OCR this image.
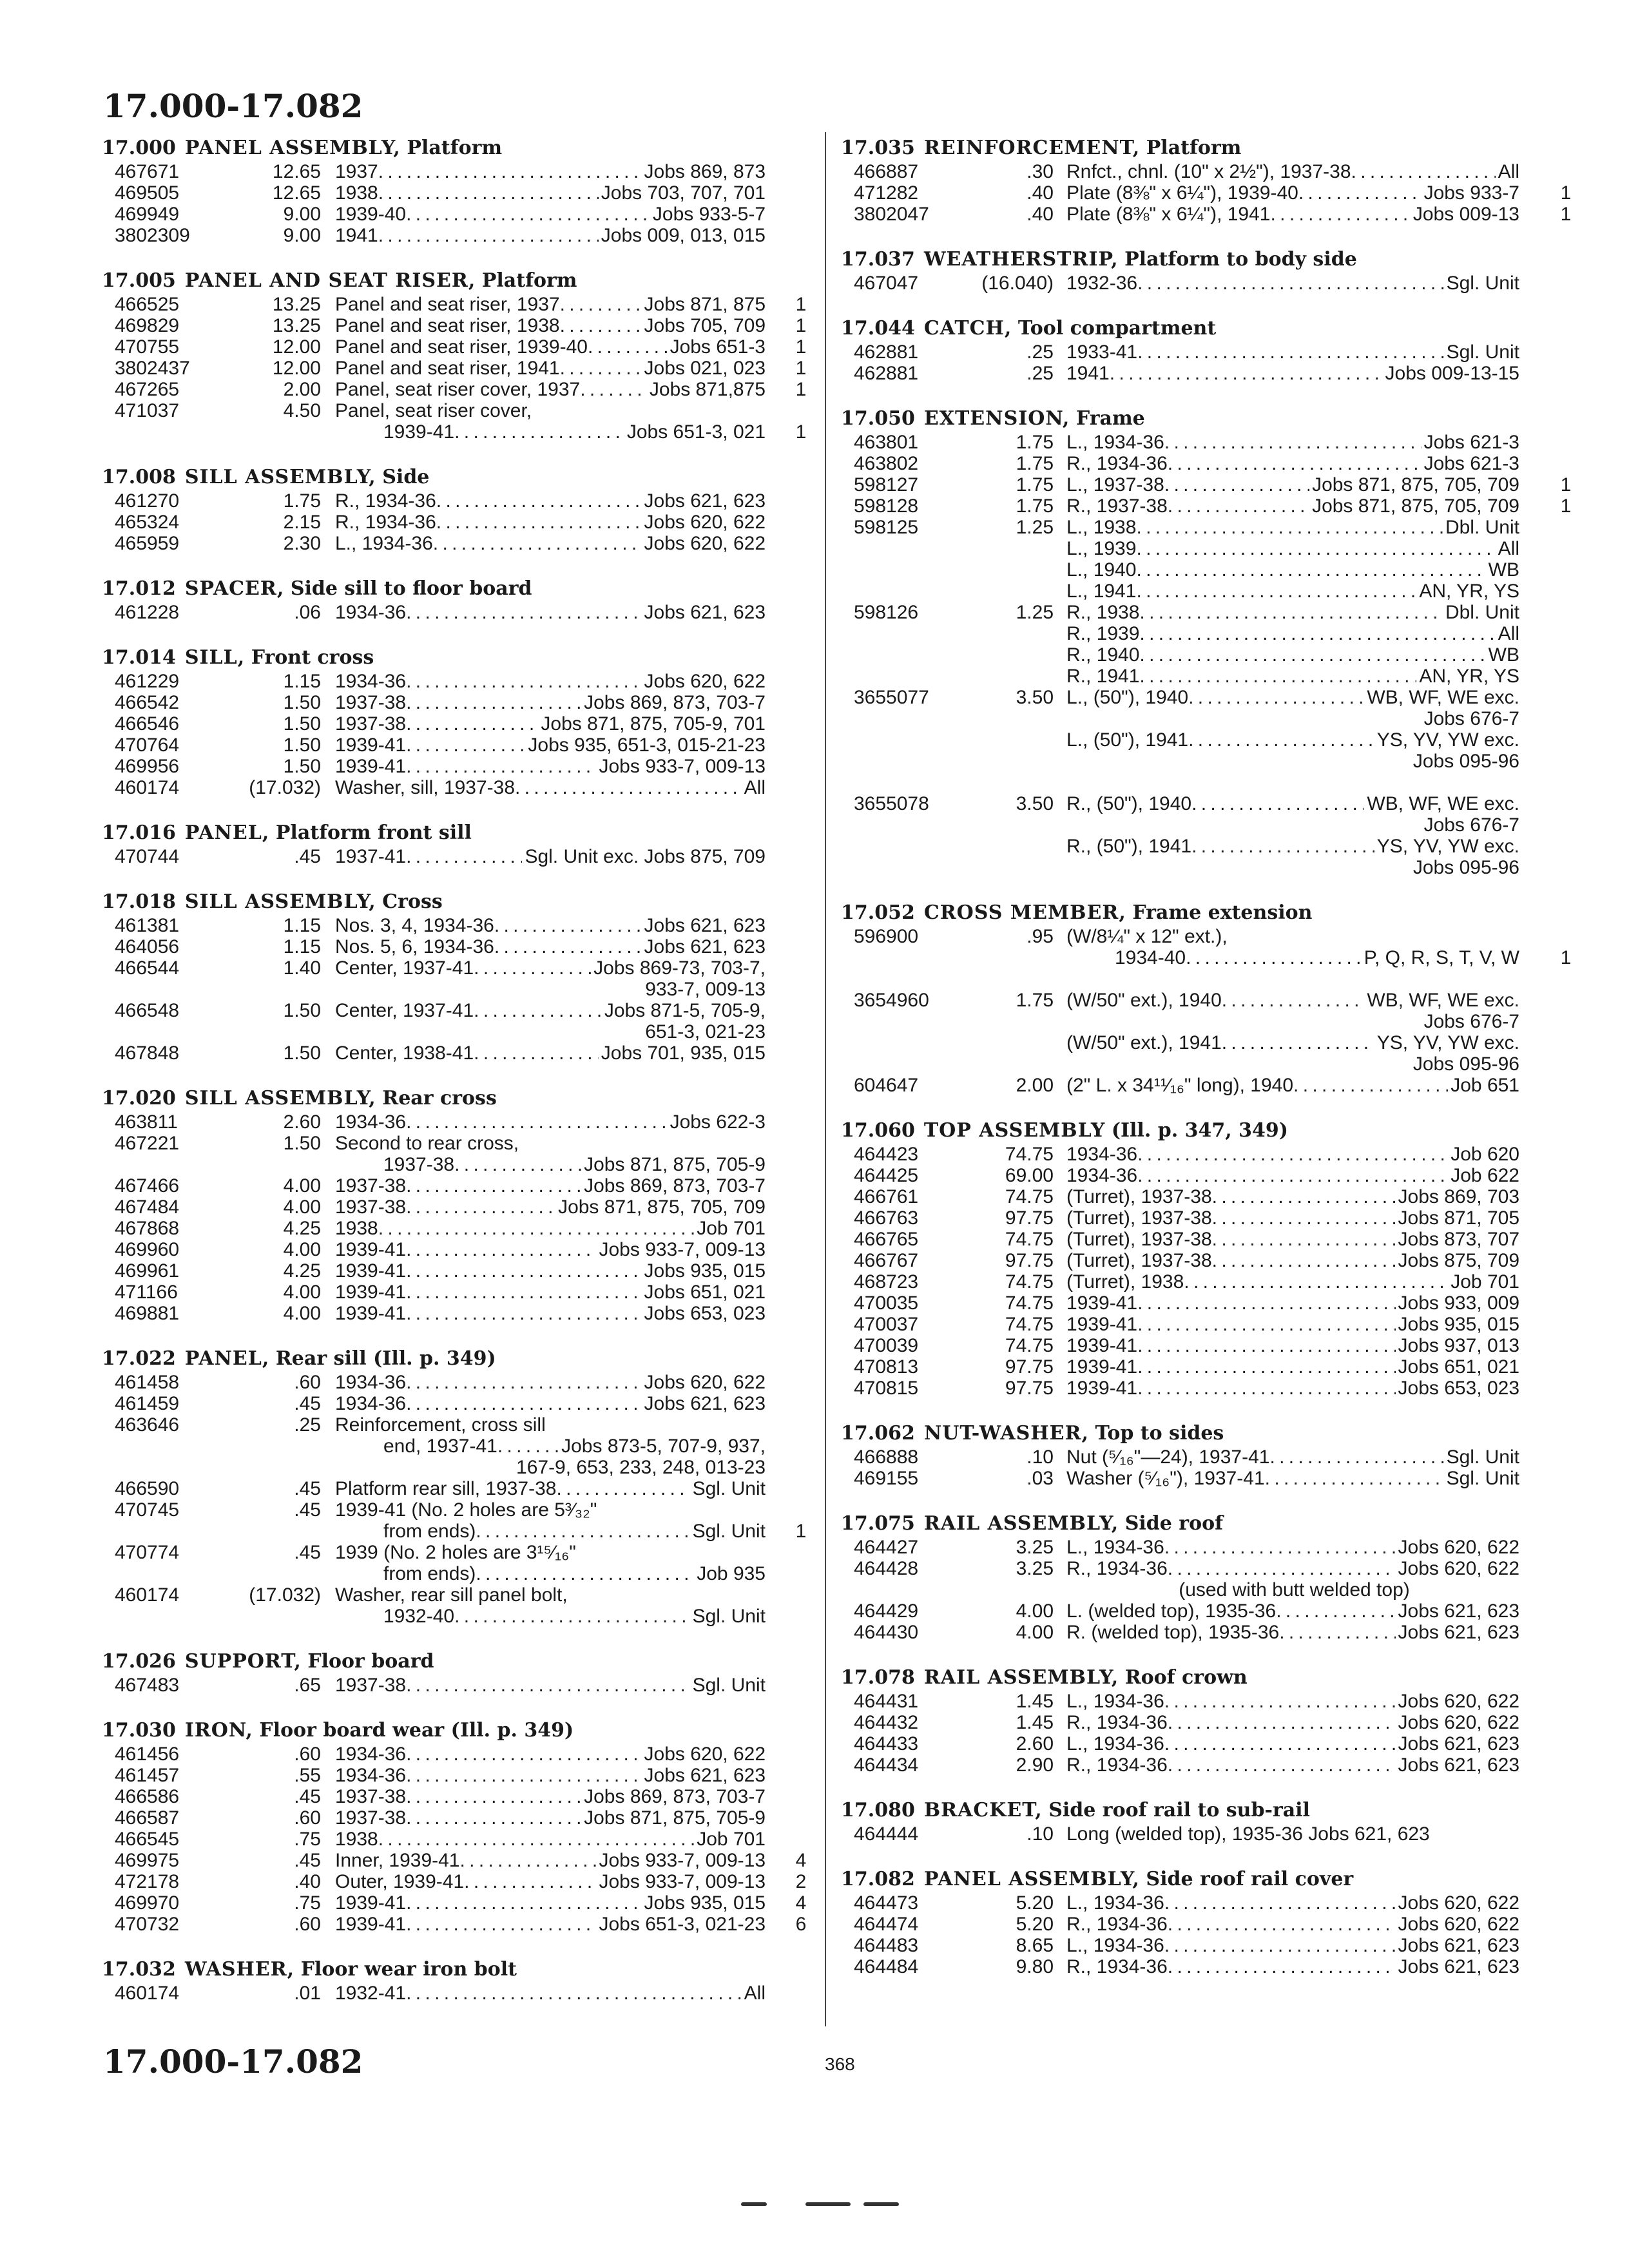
17.000-17.082
17.000 PANEL ASSEMBLY, Platform
467671	12.65 1937 . . .	Jobs 869, 873
469505	12.65 1938 . . .	Jobs 703, 707, 701
469949	9.00 1939-40 . . .	Jobs 933-5-7
3802309	9.00 1941 . . .	Jobs 009, 013, 015
17.005 PANEL AND SEAT RISER, Platform
466525	13.25 Panel and seat riser, 1937 . . .	Jobs 871, 875 1
469829	13.25 Panel and seat riser, 1938 . . .	Jobs 705, 709 1
470755	12.00 Panel and seat riser, 1939-40 . . .	Jobs 651-3 1
3802437	12.00 Panel and seat riser, 1941 . . .	Jobs 021, 023 1
467265	2.00 Panel, seat riser cover, 1937 . . .	Jobs 871,875 1
471037	4.50 Panel, seat riser cover,
1939-41 . . .	Jobs 651-3, 021 1
17.008 SILL ASSEMBLY, Side
461270	1.75 R., 1934-36 . . .	Jobs 621, 623
465324	2.15 R., 1934-36 . . .	Jobs 620, 622
465959	2.30 L., 1934-36 . . .	Jobs 620, 622
17.012 SPACER, Side sill to floor board
461228	.06 1934-36 . . .	Jobs 621, 623
17.014 SILL, Front cross
461229	1.15 1934-36 . . .	Jobs 620, 622
466542	1.50 1937-38 . . .	Jobs 869, 873, 703-7
466546	1.50 1937-38 . . .	Jobs 871, 875, 705-9, 701
470764	1.50 1939-41 . . .	Jobs 935, 651-3, 015-21-23
469956	1.50 1939-41 . . .	Jobs 933-7, 009-13
460174	(17.032) Washer, sill, 1937-38 . . .	All
17.016 PANEL, Platform front sill
470744	.45 1937-41 . . .	Sgl. Unit exc. Jobs 875, 709
17.018 SILL ASSEMBLY, Cross
461381	1.15 Nos. 3, 4, 1934-36 . . .	Jobs 621, 623
464056	1.15 Nos. 5, 6, 1934-36 . . .	Jobs 621, 623
466544	1.40 Center, 1937-41 . . .	Jobs 869-73, 703-7,
933-7, 009-13
466548	1.50 Center, 1937-41 . . .	Jobs 871-5, 705-9,
651-3, 021-23
467848	1.50 Center, 1938-41 . . .	Jobs 701, 935, 015
17.020 SILL ASSEMBLY, Rear cross
463811	2.60 1934-36 . . .	Jobs 622-3
467221	1.50 Second to rear cross,
1937-38 . . .	Jobs 871, 875, 705-9
467466	4.00 1937-38 . . .	Jobs 869, 873, 703-7
467484	4.00 1937-38 . . .	Jobs 871, 875, 705, 709
467868	4.25 1938 . . .	Job 701
469960	4.00 1939-41 . . .	Jobs 933-7, 009-13
469961	4.25 1939-41 . . .	Jobs 935, 015
471166	4.00 1939-41 . . .	Jobs 651, 021
469881	4.00 1939-41 . . .	Jobs 653, 023
17.022 PANEL, Rear sill (Ill. p. 349)
461458	.60 1934-36 . . .	Jobs 620, 622
461459	.45 1934-36 . . .	Jobs 621, 623
463646	.25 Reinforcement, cross sill
end, 1937-41 . . .	Jobs 873-5, 707-9, 937,
167-9, 653, 233, 248, 013-23
466590	.45 Platform rear sill, 1937-38 . . .	Sgl. Unit
470745	.45 1939-41 (No. 2 holes are 5³⁄₃₂"
from ends) . . .	Sgl. Unit 1
470774	.45 1939 (No. 2 holes are 3¹⁵⁄₁₆"
from ends) . . .	Job 935
460174	(17.032) Washer, rear sill panel bolt,
1932-40 . . .	Sgl. Unit
17.026 SUPPORT, Floor board
467483	.65 1937-38 . . .	Sgl. Unit
17.030 IRON, Floor board wear (Ill. p. 349)
461456	.60 1934-36 . . .	Jobs 620, 622
461457	.55 1934-36 . . .	Jobs 621, 623
466586	.45 1937-38 . . .	Jobs 869, 873, 703-7
466587	.60 1937-38 . . .	Jobs 871, 875, 705-9
466545	.75 1938 . . .	Job 701
469975	.45 Inner, 1939-41 . . .	Jobs 933-7, 009-13 4
472178	.40 Outer, 1939-41 . . .	Jobs 933-7, 009-13 2
469970	.75 1939-41 . . .	Jobs 935, 015 4
470732	.60 1939-41 . . .	Jobs 651-3, 021-23 6
17.032 WASHER, Floor wear iron bolt
460174	.01 1932-41 . . .	All
17.035 REINFORCEMENT, Platform
466887	.30 Rnfct., chnl. (10" x 2½"), 1937-38 . . .	All
471282	.40 Plate (8⅜" x 6¼"), 1939-40 . . .	Jobs 933-7 1
3802047	.40 Plate (8⅜" x 6¼"), 1941 . . .	Jobs 009-13 1
17.037 WEATHERSTRIP, Platform to body side
467047	(16.040) 1932-36 . . .	Sgl. Unit
17.044 CATCH, Tool compartment
462881	.25 1933-41 . . .	Sgl. Unit
462881	.25 1941 . . .	Jobs 009-13-15
17.050 EXTENSION, Frame
463801	1.75 L., 1934-36 . . .	Jobs 621-3
463802	1.75 R., 1934-36 . . .	Jobs 621-3
598127	1.75 L., 1937-38 . . .	Jobs 871, 875, 705, 709 1
598128	1.75 R., 1937-38 . . .	Jobs 871, 875, 705, 709 1
598125	1.25 L., 1938 . . .	Dbl. Unit
L., 1939 . . .	All
L., 1940 . . .	WB
L., 1941 . . .	AN, YR, YS
598126	1.25 R., 1938 . . .	Dbl. Unit
R., 1939 . . .	All
R., 1940 . . .	WB
R., 1941 . . .	AN, YR, YS
3655077	3.50 L., (50"), 1940 . . .	WB, WF, WE exc.
Jobs 676-7
L., (50"), 1941 . . .	YS, YV, YW exc.
Jobs 095-96
3655078	3.50 R., (50"), 1940 . . .	WB, WF, WE exc.
Jobs 676-7
R., (50"), 1941 . . .	YS, YV, YW exc.
Jobs 095-96
17.052 CROSS MEMBER, Frame extension
596900	.95 (W/8¼" x 12" ext.),
1934-40 . . .	P, Q, R, S, T, V, W 1
3654960	1.75 (W/50" ext.), 1940 . . .	WB, WF, WE exc.
Jobs 676-7
(W/50" ext.), 1941 . . .	YS, YV, YW exc.
Jobs 095-96
604647	2.00 (2" L. x 34¹¹⁄₁₆" long), 1940 . . .	Job 651
17.060 TOP ASSEMBLY (Ill. p. 347, 349)
464423	74.75 1934-36 . . .	Job 620
464425	69.00 1934-36 . . .	Job 622
466761	74.75 (Turret), 1937-38 . . .	Jobs 869, 703
466763	97.75 (Turret), 1937-38 . . .	Jobs 871, 705
466765	74.75 (Turret), 1937-38 . . .	Jobs 873, 707
466767	97.75 (Turret), 1937-38 . . .	Jobs 875, 709
468723	74.75 (Turret), 1938 . . .	Job 701
470035	74.75 1939-41 . . .	Jobs 933, 009
470037	74.75 1939-41 . . .	Jobs 935, 015
470039	74.75 1939-41 . . .	Jobs 937, 013
470813	97.75 1939-41 . . .	Jobs 651, 021
470815	97.75 1939-41 . . .	Jobs 653, 023
17.062 NUT-WASHER, Top to sides
466888	.10 Nut (⁵⁄₁₆"—24), 1937-41 . . .	Sgl. Unit
469155	.03 Washer (⁵⁄₁₆"), 1937-41 . . .	Sgl. Unit
17.075 RAIL ASSEMBLY, Side roof
464427	3.25 L., 1934-36 . . .	Jobs 620, 622
464428	3.25 R., 1934-36 . . .	Jobs 620, 622
(used with butt welded top)
464429	4.00 L. (welded top), 1935-36 . . .	Jobs 621, 623
464430	4.00 R. (welded top), 1935-36 . . .	Jobs 621, 623
17.078 RAIL ASSEMBLY, Roof crown
464431	1.45 L., 1934-36 . . .	Jobs 620, 622
464432	1.45 R., 1934-36 . . .	Jobs 620, 622
464433	2.60 L., 1934-36 . . .	Jobs 621, 623
464434	2.90 R., 1934-36 . . .	Jobs 621, 623
17.080 BRACKET, Side roof rail to sub-rail
464444	.10 Long (welded top), 1935-36 Jobs 621, 623
17.082 PANEL ASSEMBLY, Side roof rail cover
464473	5.20 L., 1934-36 . . .	Jobs 620, 622
464474	5.20 R., 1934-36 . . .	Jobs 620, 622
464483	8.65 L., 1934-36 . . .	Jobs 621, 623
464484	9.80 R., 1934-36 . . .	Jobs 621, 623
17.000-17.082	368
